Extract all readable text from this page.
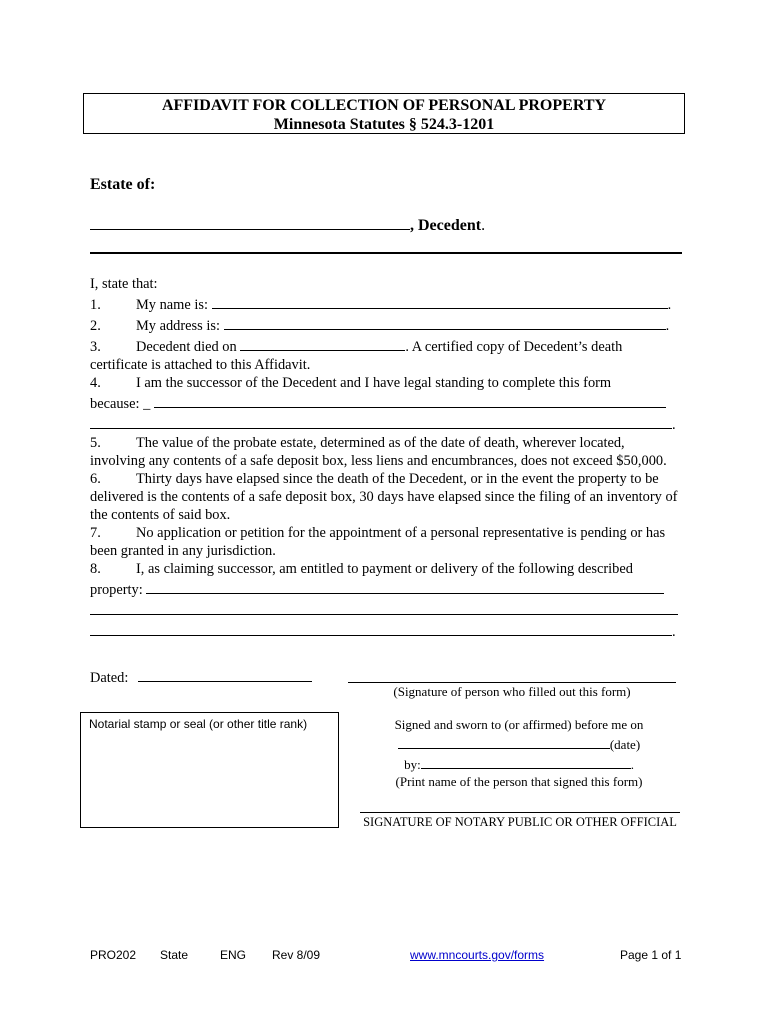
AFFIDAVIT FOR COLLECTION OF PERSONAL PROPERTY
Minnesota Statutes § 524.3-1201
Estate of:
, Decedent.

I, state that:

1. My name is:	.

2. My address is:	.

3. Decedent died on	. A certified copy of Decedent’s death

certificate is attached to this Affidavit.

4. I am the successor of the Decedent and I have legal standing to complete this form

because: _

.

5. The value of the probate estate, determined as of the date of death, wherever located, involving any contents of a safe deposit box, less liens and encumbrances, does not exceed $50,000.

6. Thirty days have elapsed since the death of the Decedent, or in the event the property to be delivered is the contents of a safe deposit box, 30 days have elapsed since the filing of an inventory of the contents of said box.

7. No application or petition for the appointment of a personal representative is pending or has been granted in any jurisdiction.

8. I, as claiming successor, am entitled to payment or delivery of the following described

property:

.

Dated:
(Signature of person who filled out this form)
Notarial stamp or seal (or other title rank)	Signed and sworn to (or affirmed) before me on
(date)
by:	.
(Print name of the person that signed this form)
SIGNATURE OF NOTARY PUBLIC OR OTHER OFFICIAL
PRO202 State	ENG Rev 8/09	www.mncourts.gov/forms	Page 1 of 1
